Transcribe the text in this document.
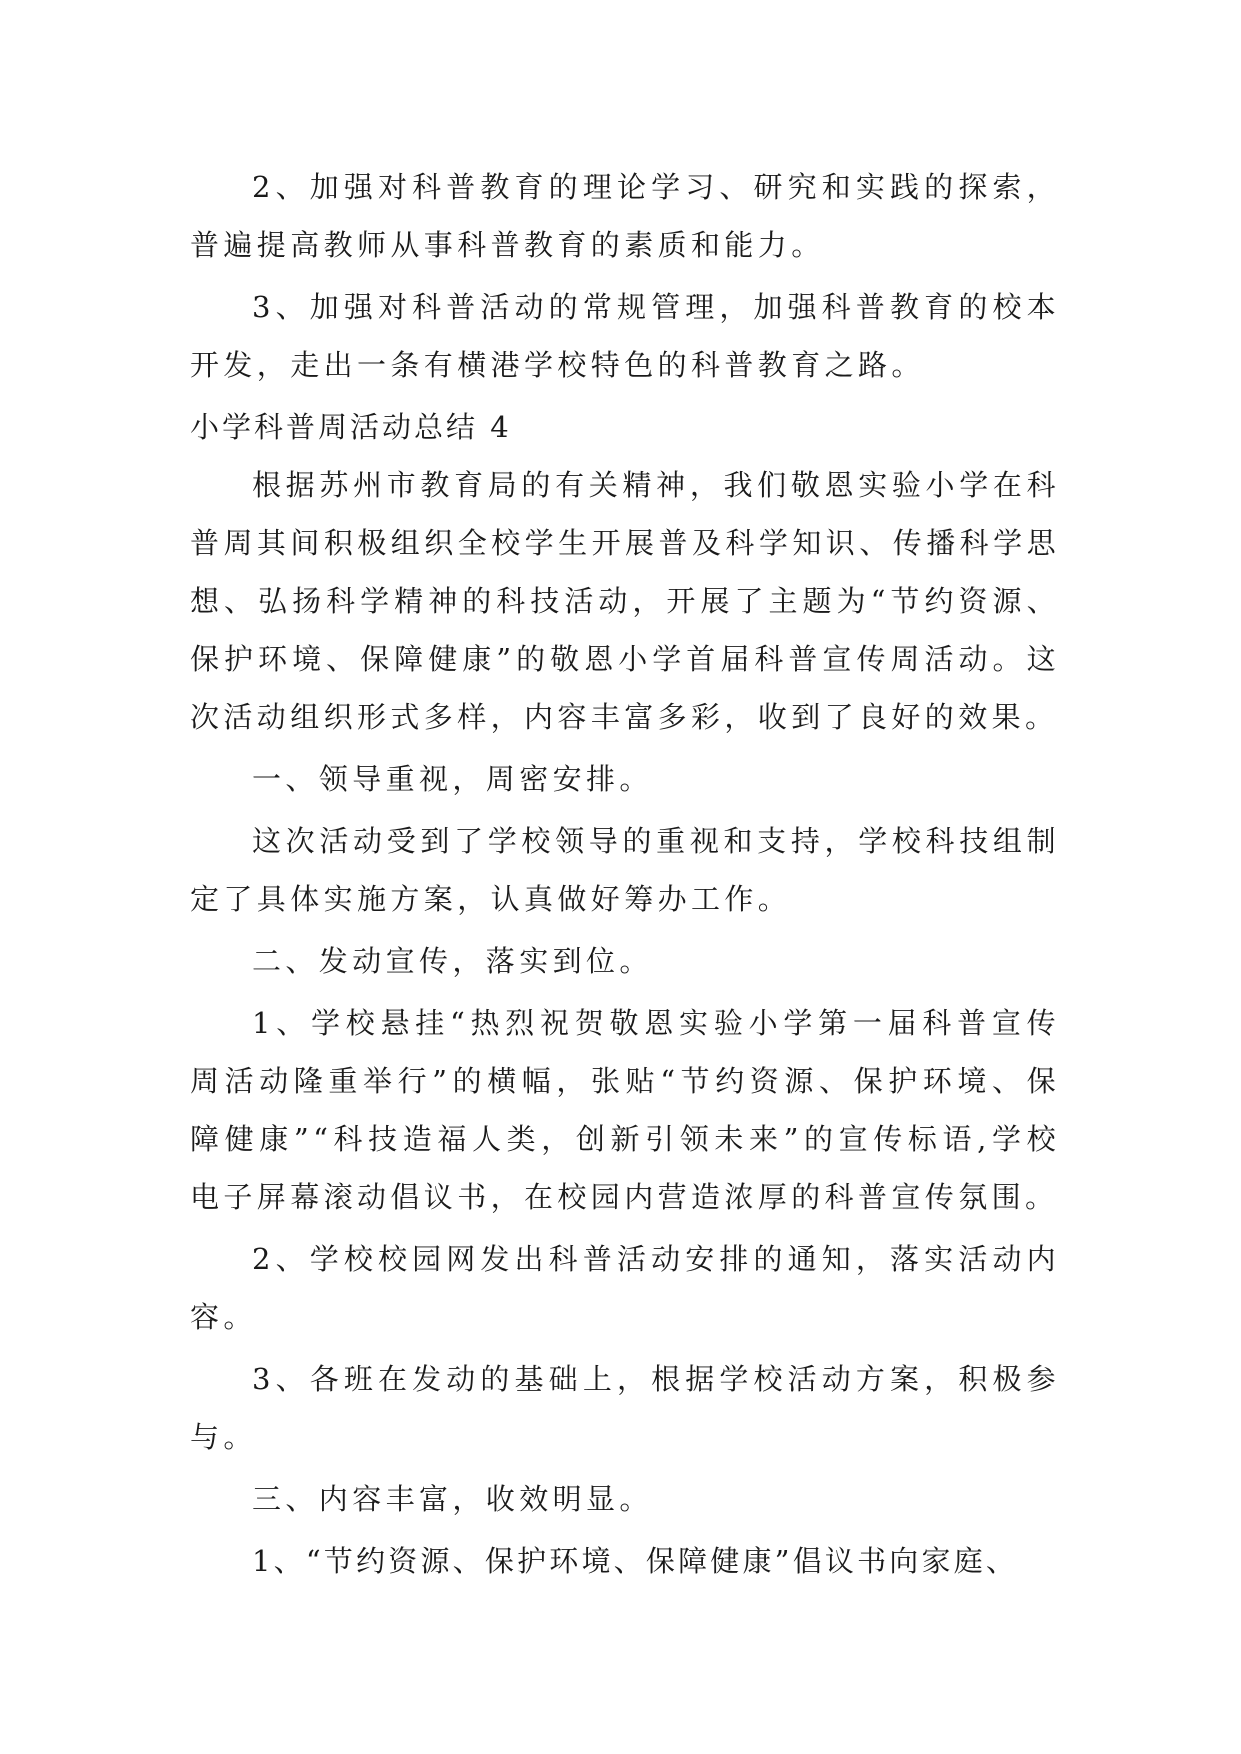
2、加强对科普教育的理论学习、研究和实践的探索，普遍提高教师从事科普教育的素质和能力。

3、加强对科普活动的常规管理，加强科普教育的校本开发，走出一条有横港学校特色的科普教育之路。

小学科普周活动总结 4

根据苏州市教育局的有关精神，我们敬恩实验小学在科普周其间积极组织全校学生开展普及科学知识、传播科学思想、弘扬科学精神的科技活动，开展了主题为“节约资源、保护环境、保障健康”的敬恩小学首届科普宣传周活动。这次活动组织形式多样，内容丰富多彩，收到了良好的效果。

一、领导重视，周密安排。

这次活动受到了学校领导的重视和支持，学校科技组制定了具体实施方案，认真做好筹办工作。

二、发动宣传，落实到位。

1、学校悬挂“热烈祝贺敬恩实验小学第一届科普宣传周活动隆重举行”的横幅，张贴“节约资源、保护环境、保障健康”“科技造福人类，创新引领未来”的宣传标语,学校电子屏幕滚动倡议书，在校园内营造浓厚的科普宣传氛围。

2、学校校园网发出科普活动安排的通知，落实活动内容。

3、各班在发动的基础上，根据学校活动方案，积极参与。

三、内容丰富，收效明显。

1、“节约资源、保护环境、保障健康”倡议书向家庭、
